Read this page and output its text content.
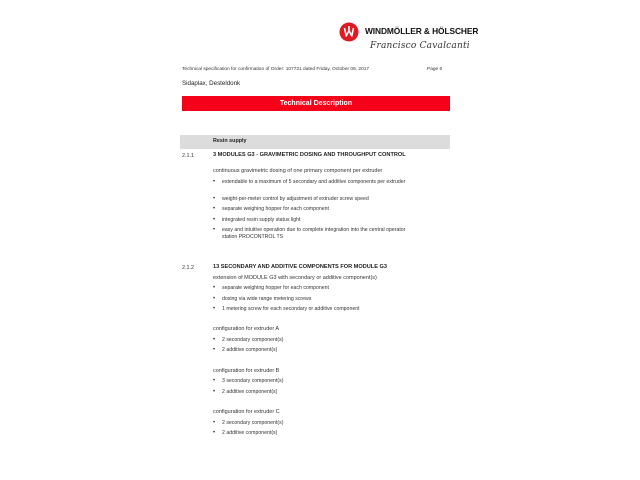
WINDMÖLLER & HÖLSCHER
Francisco Cavalcanti
Technical specification for confirmation of Order: 107721 dated Friday, October 06, 2017	Page 6
Sidaplax, Desteldonk
Technical Description
Resin supply
2.1.1	3 MODULES G3 - GRAVIMETRIC DOSING AND THROUGHPUT CONTROL
continuous gravimetric dosing of one primary component per extruder
• extendable to a maximum of 5 secondary and additive components per extruder
• weight-per-meter control by adjustment of extruder screw speed
• separate weighing hopper for each component
• integrated resin supply status light
• easy and intuitive operation due to complete integration into the central operator station PROCONTROL TS
2.1.2	13 SECONDARY AND ADDITIVE COMPONENTS FOR MODULE G3
extension of MODULE G3 with secondary or additive component(s)
• separate weighing hopper for each component
• dosing via wide range metering screws
• 1 metering screw for each secondary or additive component
configuration for extruder A
• 2 secondary component(s)
• 2 additive component(s)
configuration for extruder B
• 3 secondary component(s)
• 2 additive component(s)
configuration for extruder C
• 2 secondary component(s)
• 2 additive component(s)
